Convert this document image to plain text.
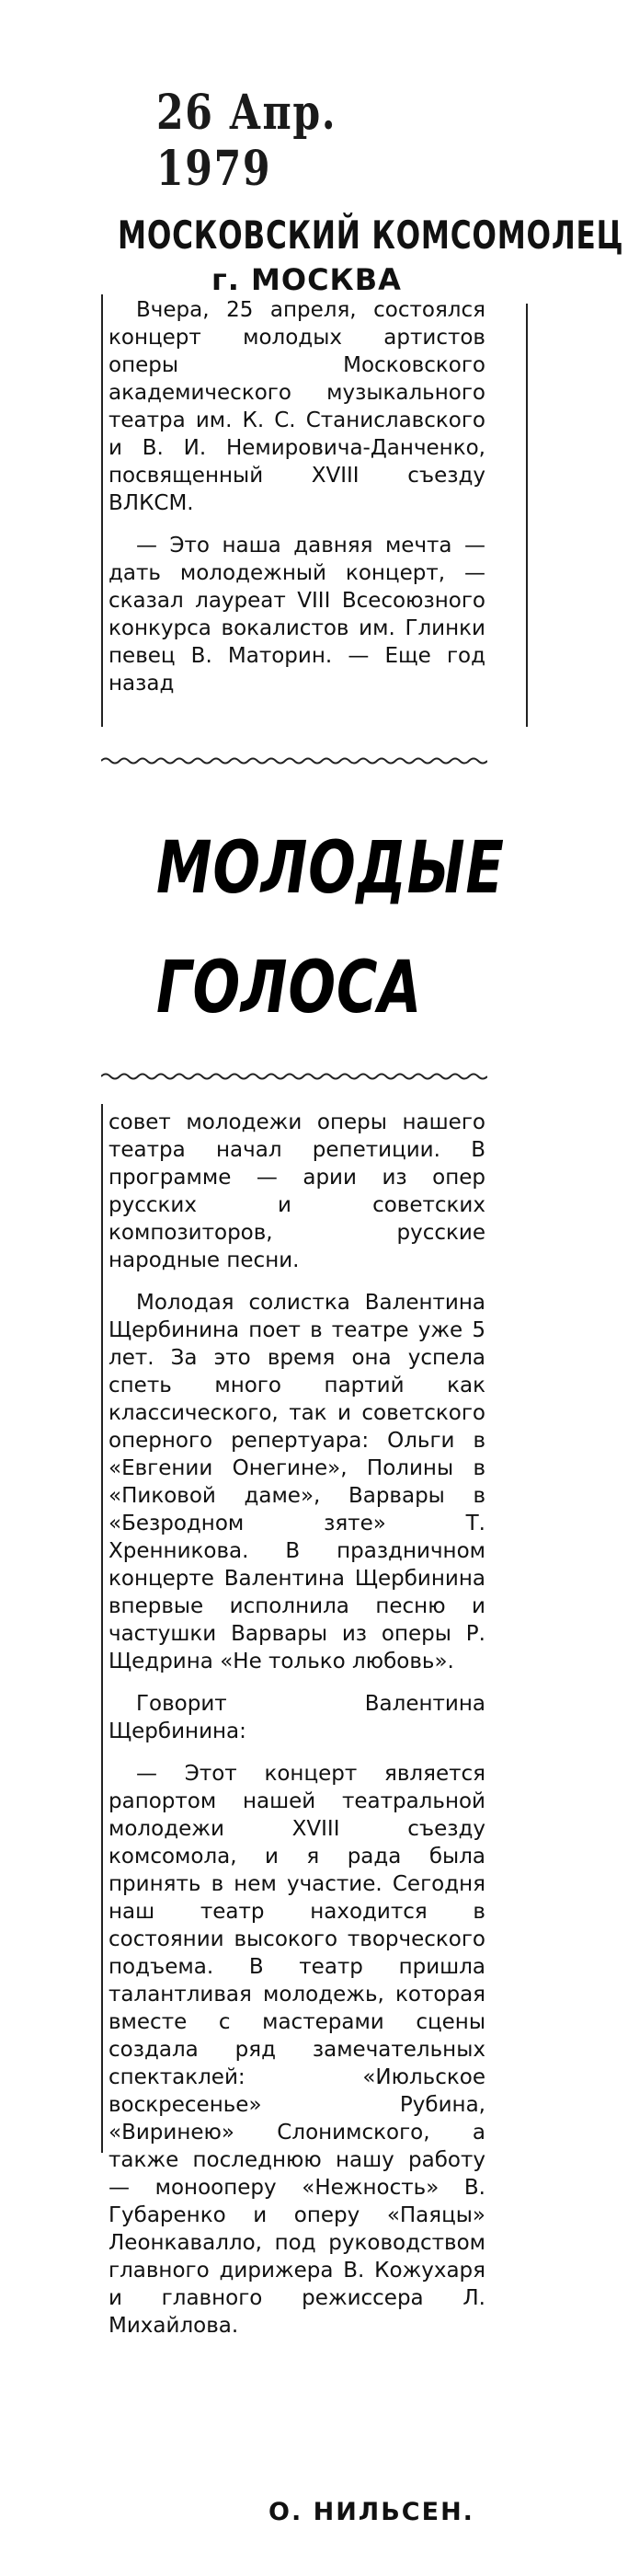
26 Апр. 1979
МОСКОВСКИЙ КОМСОМОЛЕЦ
г. МОСКВА

Вчера, 25 апреля, состоялся концерт молодых артистов оперы Московского академического музыкального театра им. К. С. Станиславского и В. И. Немировича-Данченко, посвященный XVIII съезду ВЛКСМ.

— Это наша давняя мечта — дать молодежный концерт, — сказал лауреат VIII Всесоюзного конкурса вокалистов им. Глинки певец В. Маторин. — Еще год назад

МОЛОДЫЕ
ГОЛОСА

совет молодежи оперы нашего театра начал репетиции. В программе — арии из опер русских и советских композиторов, русские народные песни.

Молодая солистка Валентина Щербинина поет в театре уже 5 лет. За это время она успела спеть много партий как классического, так и советского оперного репертуара: Ольги в «Евгении Онегине», Полины в «Пиковой даме», Варвары в «Безродном зяте» Т. Хренникова. В праздничном концерте Валентина Щербинина впервые исполнила песню и частушки Варвары из оперы Р. Щедрина «Не только любовь».

Говорит Валентина Щербинина:

— Этот концерт является рапортом нашей театральной молодежи XVIII съезду комсомола, и я рада была принять в нем участие. Сегодня наш театр находится в состоянии высокого творческого подъема. В театр пришла талантливая молодежь, которая вместе с мастерами сцены создала ряд замечательных спектаклей: «Июльское воскресенье» Рубина, «Виринею» Слонимского, а также последнюю нашу работу — монооперу «Нежность» В. Губаренко и оперу «Паяцы» Леонкавалло, под руководством главного дирижера В. Кожухаря и главного режиссера Л. Михайлова.

О. НИЛЬСЕН.
